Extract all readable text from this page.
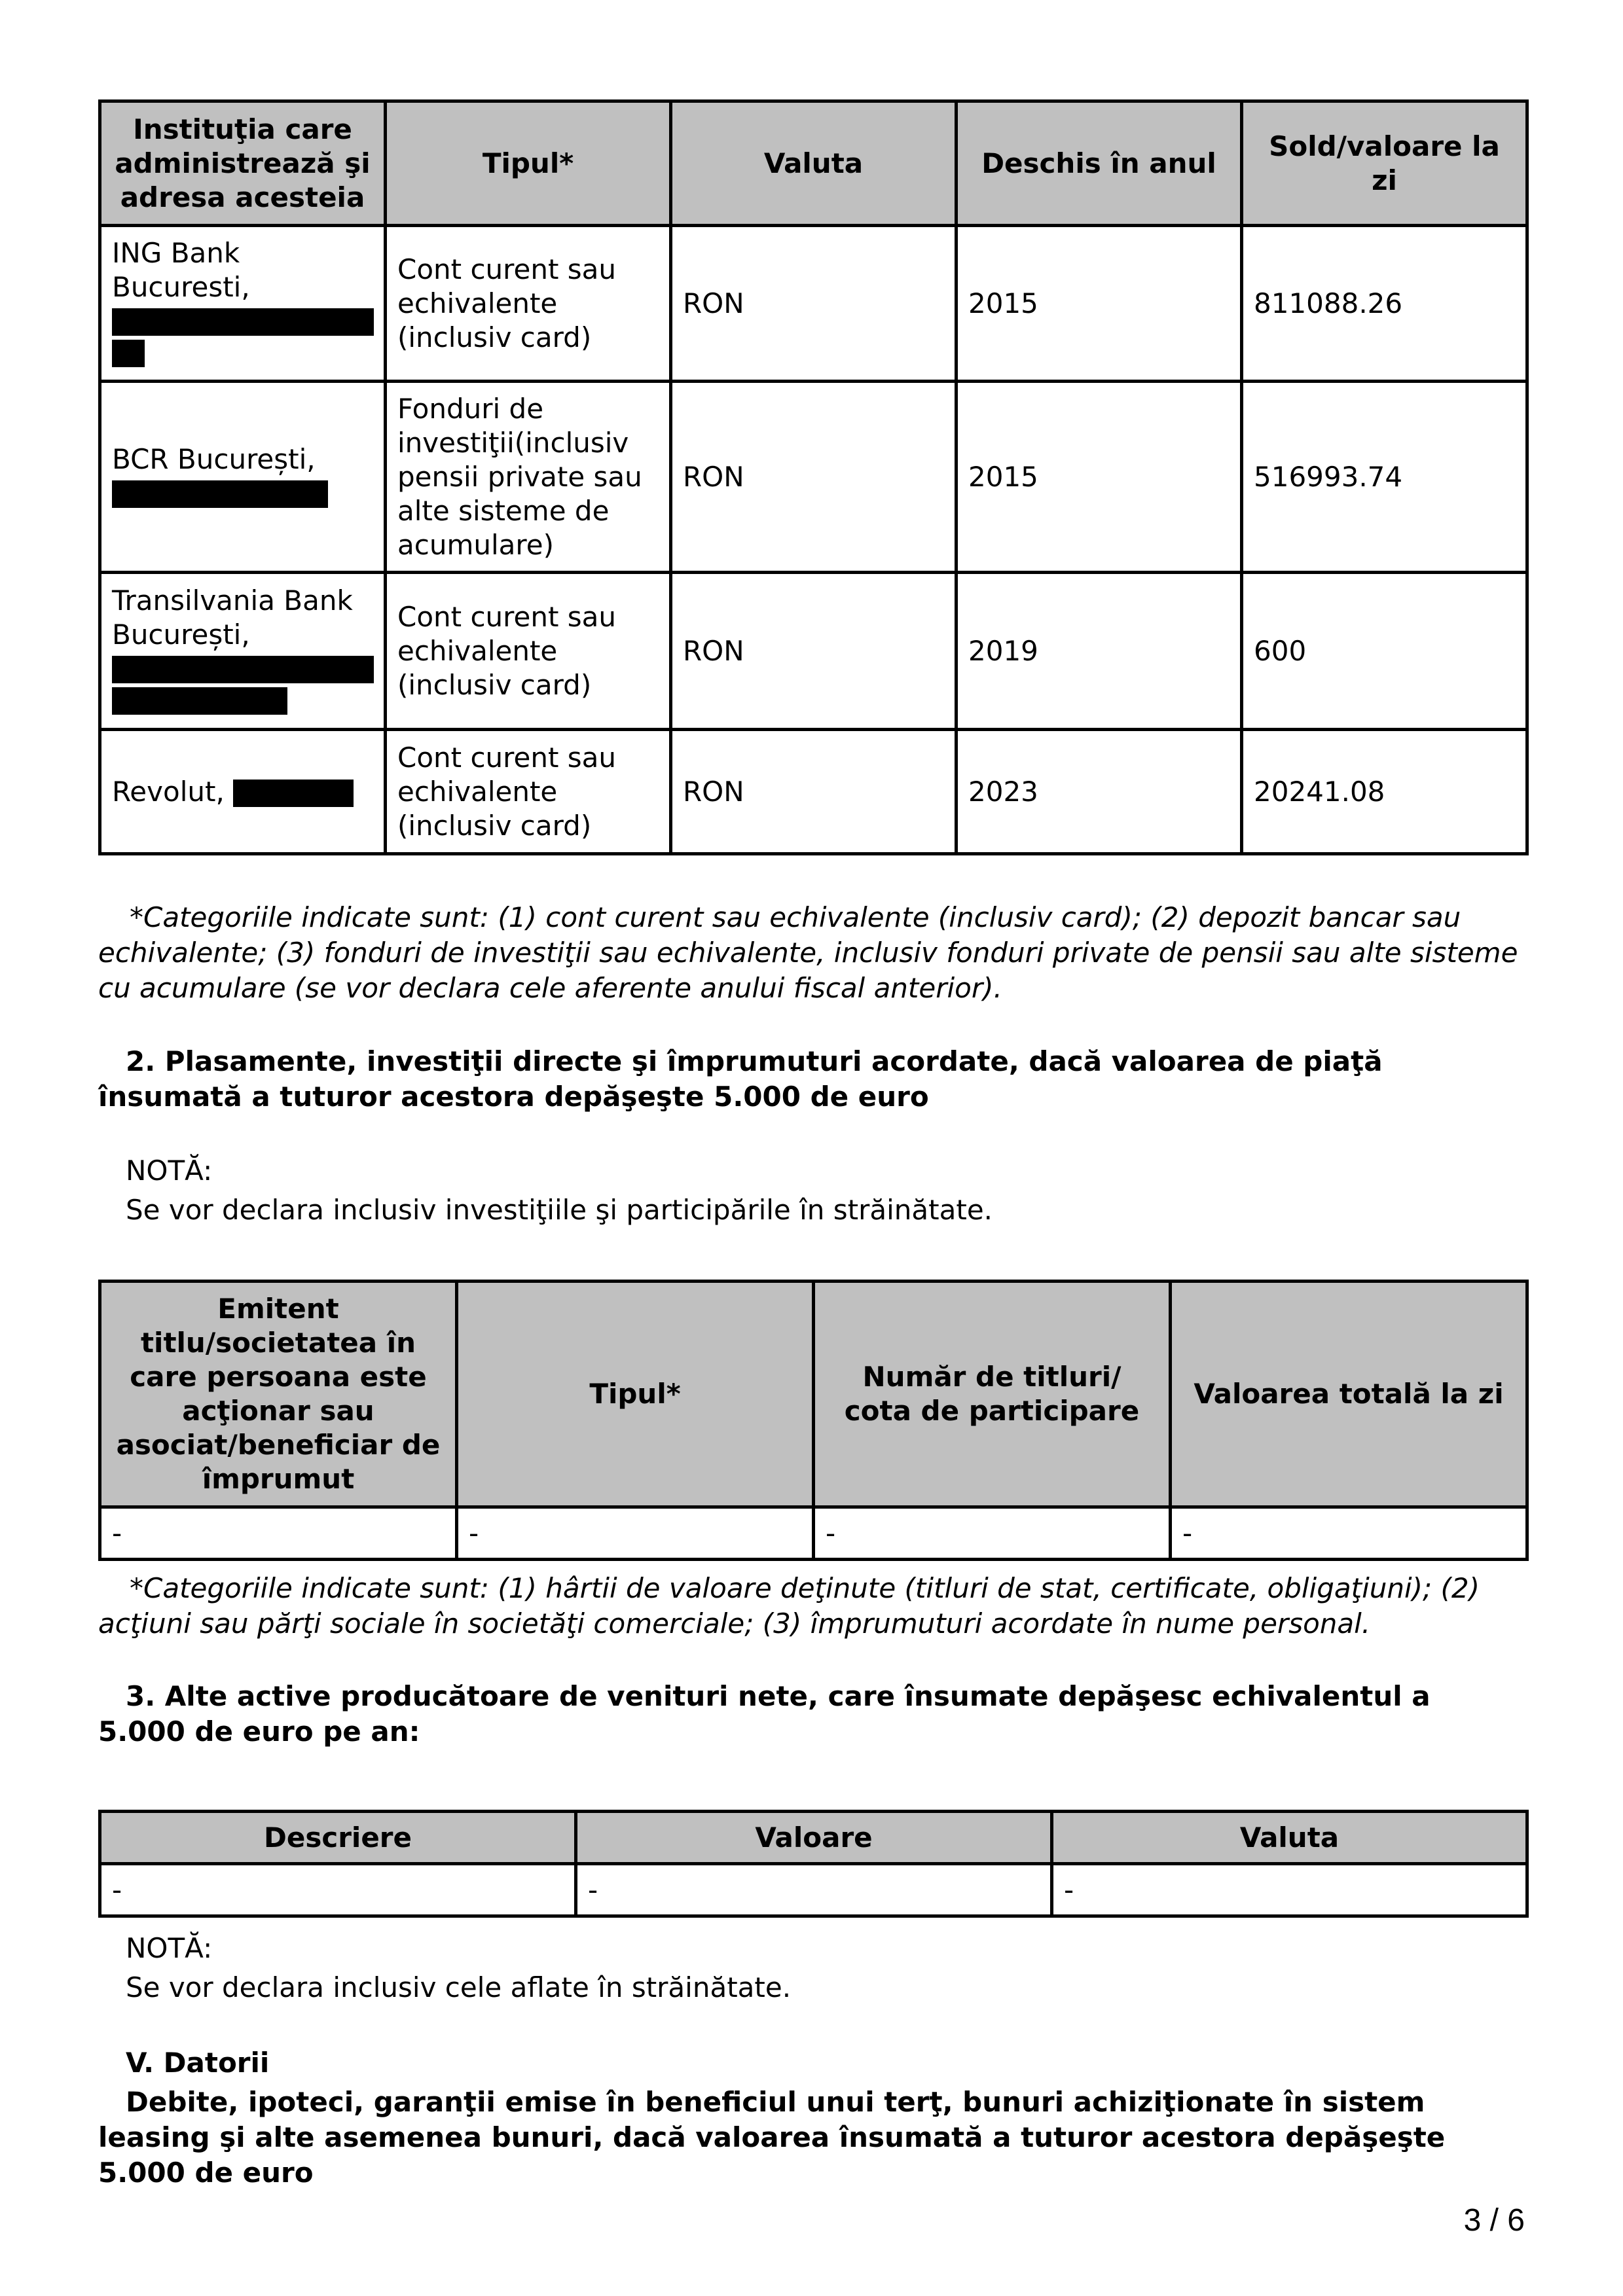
Instituţia care administrează şi adresa acesteia	Tipul*	Valuta	Deschis în anul	Sold/valoare la zi
ING Bank Bucuresti,	Cont curent sau echivalente (inclusiv card)	RON	2015	811088.26
BCR București,	Fonduri de investiţii(inclusiv pensii private sau alte sisteme de acumulare)	RON	2015	516993.74
Transilvania Bank București,	Cont curent sau echivalente (inclusiv card)	RON	2019	600
Revolut,	Cont curent sau echivalente (inclusiv card)	RON	2023	20241.08
*Categoriile indicate sunt: (1) cont curent sau echivalente (inclusiv card); (2) depozit bancar sau echivalente; (3) fonduri de investiţii sau echivalente, inclusiv fonduri private de pensii sau alte sisteme cu acumulare (se vor declara cele aferente anului fiscal anterior).
2. Plasamente, investiţii directe şi împrumuturi acordate, dacă valoarea de piaţă însumată a tuturor acestora depăşeşte 5.000 de euro
NOTĂ:
Se vor declara inclusiv investiţiile şi participările în străinătate.
Emitent titlu/societatea în care persoana este acţionar sau asociat/beneficiar de împrumut	Tipul*	Număr de titluri/ cota de participare	Valoarea totală la zi
-	-	-	-
*Categoriile indicate sunt: (1) hârtii de valoare deţinute (titluri de stat, certificate, obligaţiuni); (2) acţiuni sau părţi sociale în societăţi comerciale; (3) împrumuturi acordate în nume personal.
3. Alte active producătoare de venituri nete, care însumate depăşesc echivalentul a 5.000 de euro pe an:
Descriere	Valoare	Valuta
-	-	-
NOTĂ:
Se vor declara inclusiv cele aflate în străinătate.
V. Datorii
Debite, ipoteci, garanţii emise în beneficiul unui terţ, bunuri achiziţionate în sistem leasing şi alte asemenea bunuri, dacă valoarea însumată a tuturor acestora depăşeşte 5.000 de euro
3 / 6
